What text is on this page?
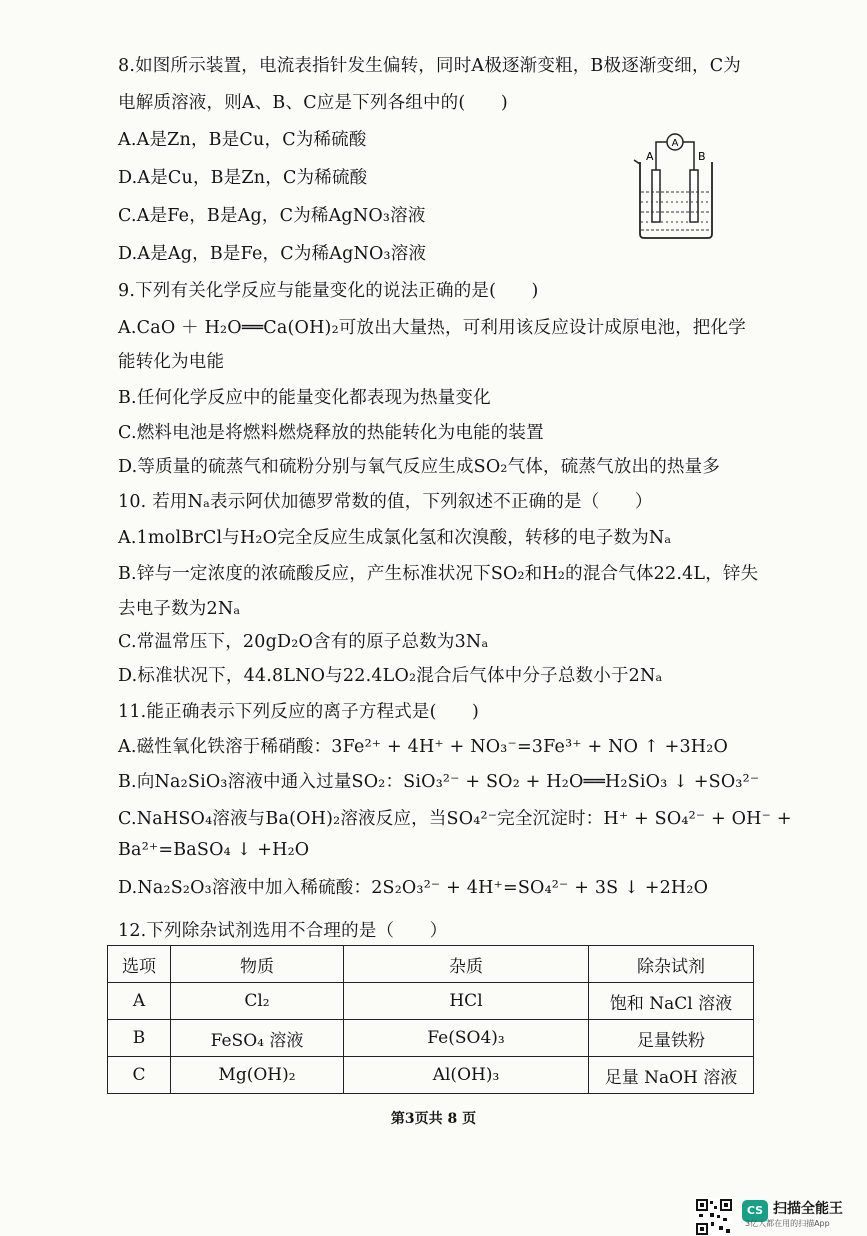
8.如图所示装置，电流表指针发生偏转，同时A极逐渐变粗，B极逐渐变细，C为
电解质溶液，则A、B、C应是下列各组中的(　　)
A.A是Zn，B是Cu，C为稀硫酸
D.A是Cu，B是Zn，C为稀硫酸
C.A是Fe，B是Ag，C为稀AgNO₃溶液
D.A是Ag，B是Fe，C为稀AgNO₃溶液
A
A	B
9.下列有关化学反应与能量变化的说法正确的是(　　)
A.CaO ＋ H₂O══Ca(OH)₂可放出大量热，可利用该反应设计成原电池，把化学
能转化为电能
B.任何化学反应中的能量变化都表现为热量变化
C.燃料电池是将燃料燃烧释放的热能转化为电能的装置
D.等质量的硫蒸气和硫粉分别与氧气反应生成SO₂气体，硫蒸气放出的热量多
10. 若用Nₐ表示阿伏加德罗常数的值，下列叙述不正确的是（　　）
A.1molBrCl与H₂O完全反应生成氯化氢和次溴酸，转移的电子数为Nₐ
B.锌与一定浓度的浓硫酸反应，产生标准状况下SO₂和H₂的混合气体22.4L，锌失
去电子数为2Nₐ
C.常温常压下，20gD₂O含有的原子总数为3Nₐ
D.标准状况下，44.8LNO与22.4LO₂混合后气体中分子总数小于2Nₐ
11.能正确表示下列反应的离子方程式是(　　)
A.磁性氧化铁溶于稀硝酸：3Fe²⁺ + 4H⁺ + NO₃⁻=3Fe³⁺ + NO ↑ +3H₂O
B.向Na₂SiO₃溶液中通入过量SO₂：SiO₃²⁻ + SO₂ + H₂O══H₂SiO₃ ↓ +SO₃²⁻
C.NaHSO₄溶液与Ba(OH)₂溶液反应，当SO₄²⁻完全沉淀时：H⁺ + SO₄²⁻ + OH⁻ +
Ba²⁺=BaSO₄ ↓ +H₂O
D.Na₂S₂O₃溶液中加入稀硫酸：2S₂O₃²⁻ + 4H⁺=SO₄²⁻ + 3S ↓ +2H₂O
12.下列除杂试剂选用不合理的是（　　）
选项	物质	杂质	除杂试剂
A	Cl₂	HCl	饱和 NaCl 溶液
B	FeSO₄ 溶液	Fe(SO4)₃	足量铁粉
C	Mg(OH)₂	Al(OH)₃	足量 NaOH 溶液
第3页共 8 页
CS 扫描全能王
3亿人都在用的扫描App
